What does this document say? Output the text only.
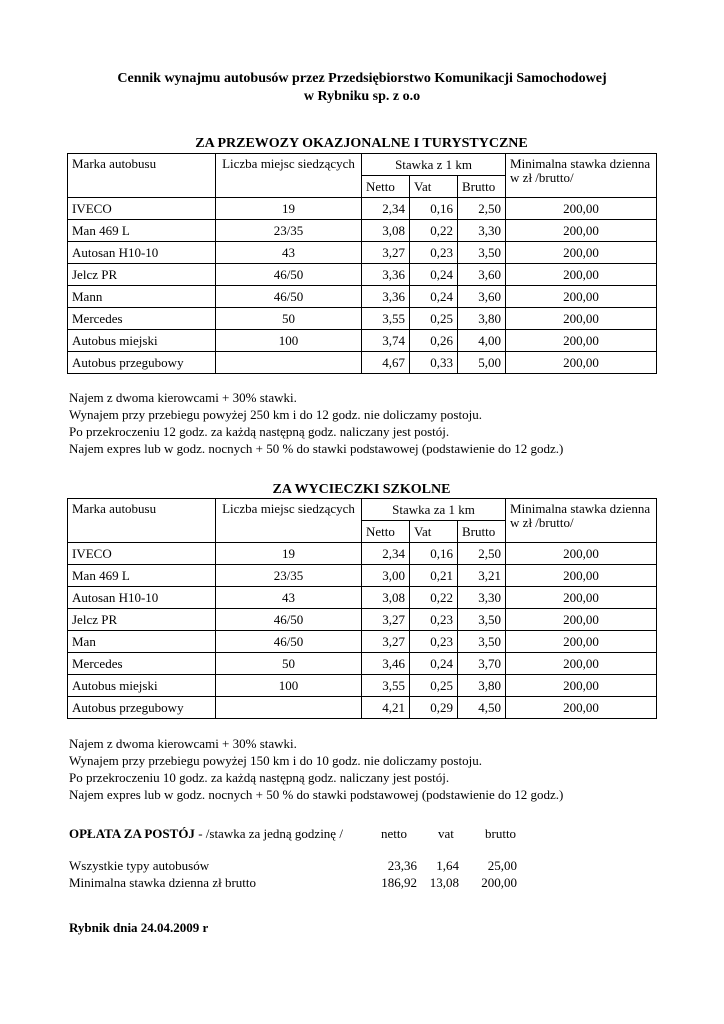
Cennik wynajmu autobusów przez Przedsiębiorstwo Komunikacji Samochodowej
w Rybniku sp. z o.o
ZA PRZEWOZY OKAZJONALNE I TURYSTYCZNE
Marka autobusu	Liczba miejsc siedzących	Stawka z 1 km			Minimalna stawka dzienna w zł /brutto/
		Netto	Vat	Brutto	
IVECO	19	2,34	0,16	2,50	200,00
Man 469 L	23/35	3,08	0,22	3,30	200,00
Autosan H10-10	43	3,27	0,23	3,50	200,00
Jelcz PR	46/50	3,36	0,24	3,60	200,00
Mann	46/50	3,36	0,24	3,60	200,00
Mercedes	50	3,55	0,25	3,80	200,00
Autobus miejski	100	3,74	0,26	4,00	200,00
Autobus przegubowy		4,67	0,33	5,00	200,00
Najem z dwoma kierowcami + 30% stawki.
Wynajem przy przebiegu powyżej 250 km i do 12 godz. nie doliczamy postoju.
Po przekroczeniu 12 godz. za każdą następną godz. naliczany jest postój.
Najem expres lub w godz. nocnych + 50 % do stawki podstawowej (podstawienie do 12 godz.)
ZA WYCIECZKI SZKOLNE
Marka autobusu	Liczba miejsc siedzących	Stawka za 1 km			Minimalna stawka dzienna w zł /brutto/
		Netto	Vat	Brutto	
IVECO	19	2,34	0,16	2,50	200,00
Man 469 L	23/35	3,00	0,21	3,21	200,00
Autosan H10-10	43	3,08	0,22	3,30	200,00
Jelcz PR	46/50	3,27	0,23	3,50	200,00
Man	46/50	3,27	0,23	3,50	200,00
Mercedes	50	3,46	0,24	3,70	200,00
Autobus miejski	100	3,55	0,25	3,80	200,00
Autobus przegubowy		4,21	0,29	4,50	200,00
Najem z dwoma kierowcami + 30% stawki.
Wynajem przy przebiegu powyżej 150 km i do 10 godz. nie doliczamy postoju.
Po przekroczeniu 10 godz. za każdą następną godz. naliczany jest postój.
Najem expres lub w godz. nocnych + 50 % do stawki podstawowej (podstawienie do 12 godz.)
OPŁATA ZA POSTÓJ - /stawka za jedną godzinę /	netto vat brutto
Wszystkie typy autobusów	23,36	1,64	25,00
Minimalna stawka dzienna zł brutto	186,92 13,08	200,00
Rybnik dnia 24.04.2009 r
